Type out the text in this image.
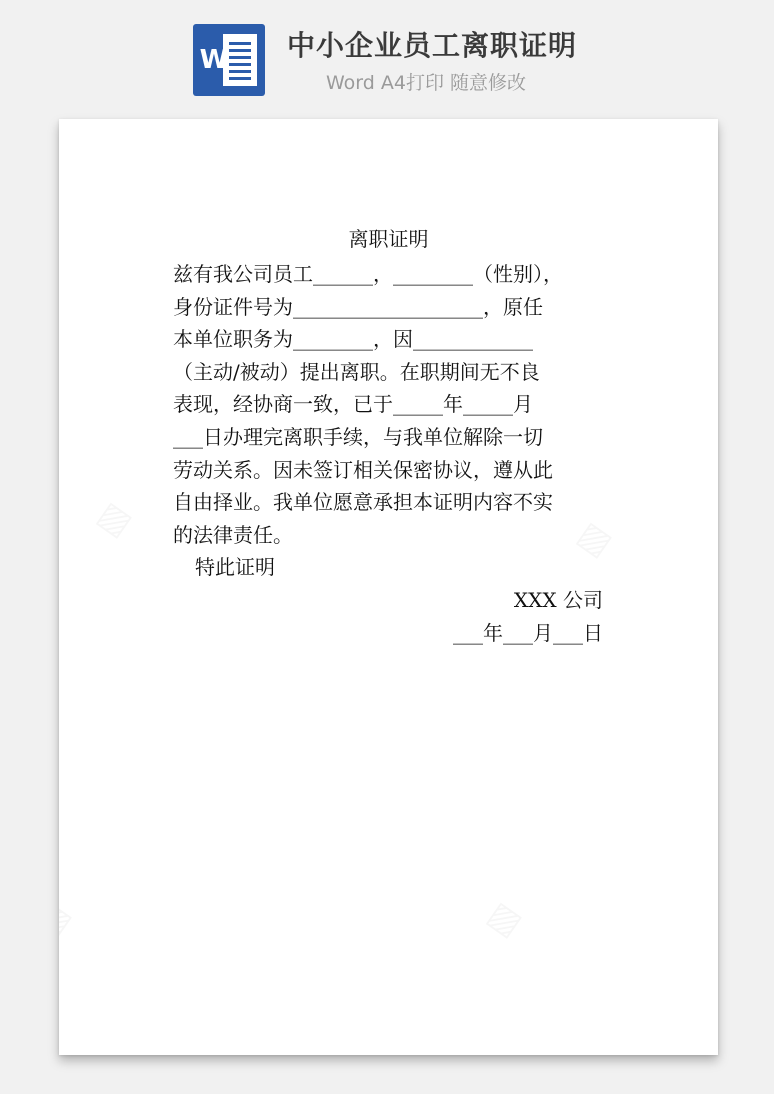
W 中小企业员工离职证明
Word A4打印 随意修改
离职证明
兹有我公司员工______，________（性别），
身份证件号为___________________，原任
本单位职务为________，因____________
（主动/被动）提出离职。在职期间无不良
表现，经协商一致，已于_____年_____月
___日办理完离职手续，与我单位解除一切
劳动关系。因未签订相关保密协议，遵从此
自由择业。我单位愿意承担本证明内容不实
的法律责任。
特此证明
XXX 公司
___年___月___日
